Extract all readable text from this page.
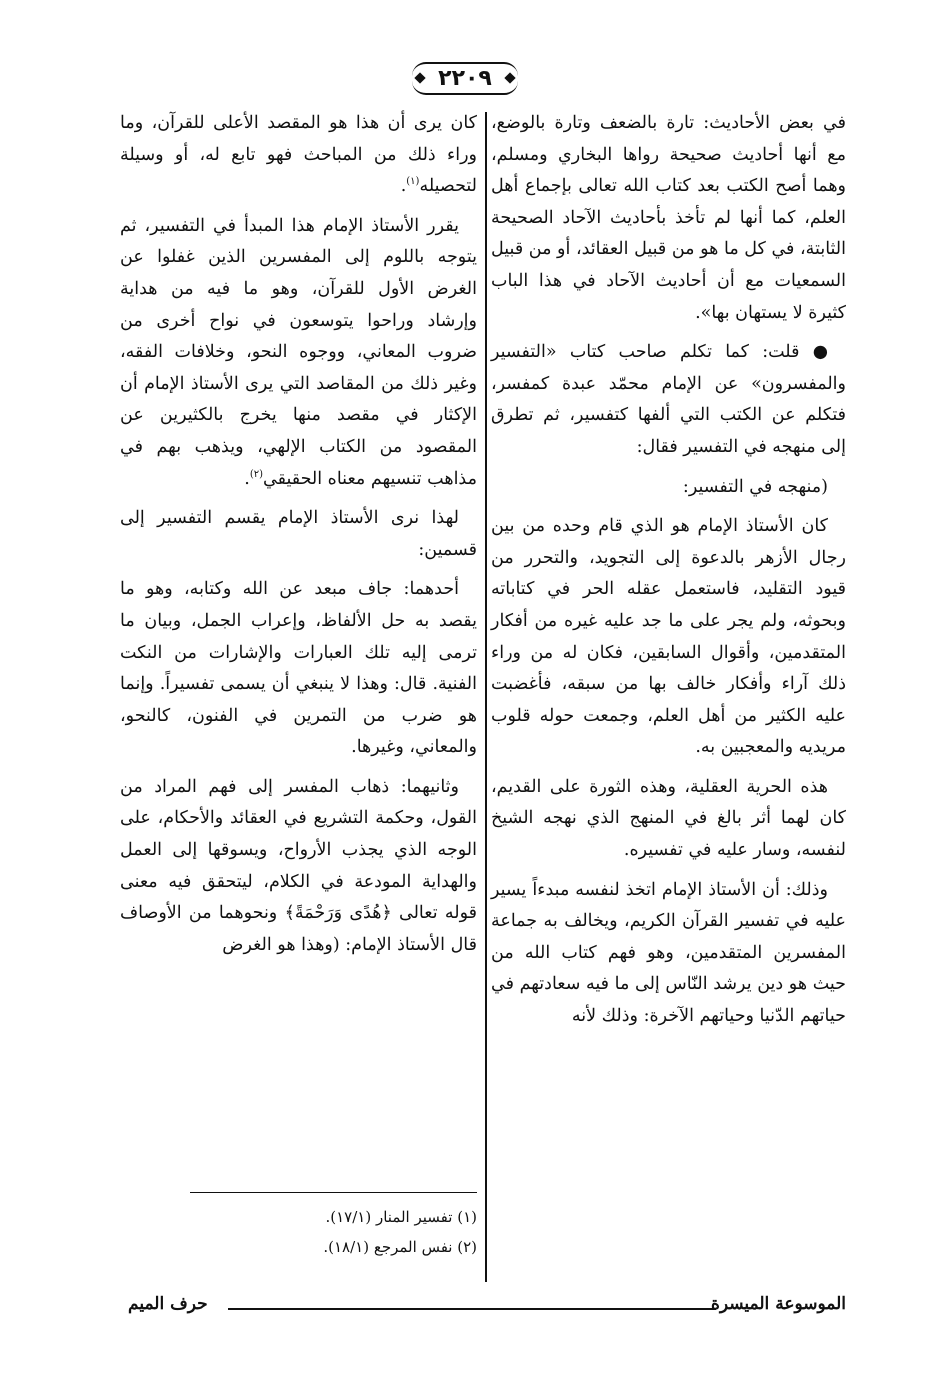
٢٢٠٩

في بعض الأحاديث: تارة بالضعف وتارة بالوضع، مع أنها أحاديث صحيحة رواها البخاري ومسلم، وهما أصح الكتب بعد كتاب الله تعالى بإجماع أهل العلم، كما أنها لم تأخذ بأحاديث الآحاد الصحيحة الثابتة، في كل ما هو من قبيل العقائد، أو من قبيل السمعيات مع أن أحاديث الآحاد في هذا الباب كثيرة لا يستهان بها».

● قلت: كما تكلم صاحب كتاب «التفسير والمفسرون» عن الإمام محمّد عبدة كمفسر، فتكلم عن الكتب التي ألفها كتفسير، ثم تطرق إلى منهجه في التفسير فقال:

(منهجه في التفسير:

كان الأستاذ الإمام هو الذي قام وحده من بين رجال الأزهر بالدعوة إلى التجويد، والتحرر من قيود التقليد، فاستعمل عقله الحر في كتاباته وبحوثه، ولم يجر على ما جد عليه غيره من أفكار المتقدمين، وأقوال السابقين، فكان له من وراء ذلك آراء وأفكار خالف بها من سبقه، فأغضبت عليه الكثير من أهل العلم، وجمعت حوله قلوب مريديه والمعجبين به.

هذه الحرية العقلية، وهذه الثورة على القديم، كان لهما أثر بالغ في المنهج الذي نهجه الشيخ لنفسه، وسار عليه في تفسيره.

وذلك: أن الأستاذ الإمام اتخذ لنفسه مبدءاً يسير عليه في تفسير القرآن الكريم، ويخالف به جماعة المفسرين المتقدمين، وهو فهم كتاب الله من حيث هو دين يرشد النّاس إلى ما فيه سعادتهم في حياتهم الدّنيا وحياتهم الآخرة: وذلك لأنه

كان يرى أن هذا هو المقصد الأعلى للقرآن، وما وراء ذلك من المباحث فهو تابع له، أو وسيلة لتحصيله$^{(١)}$.

يقرر الأستاذ الإمام هذا المبدأ في التفسير، ثم يتوجه باللوم إلى المفسرين الذين غفلوا عن الغرض الأول للقرآن، وهو ما فيه من هداية وإرشاد وراحوا يتوسعون في نواح أخرى من ضروب المعاني، ووجوه النحو، وخلافات الفقه، وغير ذلك من المقاصد التي يرى الأستاذ الإمام أن الإكثار في مقصد منها يخرج بالكثيرين عن المقصود من الكتاب الإلهي، ويذهب بهم في مذاهب تنسيهم معناه الحقيقي$^{(٢)}$.

لهذا نرى الأستاذ الإمام يقسم التفسير إلى قسمين:

أحدهما: جاف مبعد عن الله وكتابه، وهو ما يقصد به حل الألفاظ، وإعراب الجمل، وبيان ما ترمى إليه تلك العبارات والإشارات من النكت الفنية. قال: وهذا لا ينبغي أن يسمى تفسيراً. وإنما هو ضرب من التمرين في الفنون، كالنحو، والمعاني، وغيرها.

وثانيهما: ذهاب المفسر إلى فهم المراد من القول، وحكمة التشريع في العقائد والأحكام، على الوجه الذي يجذب الأرواح، ويسوقها إلى العمل والهداية المودعة في الكلام، ليتحقق فيه معنى قوله تعالى ﴿هُدًى وَرَحْمَةً﴾ ونحوهما من الأوصاف قال الأستاذ الإمام: (وهذا هو الغرض

(١) تفسير المنار (١٧/١).
(٢) نفس المرجع (١٨/١).
الموسوعة الميسرة
حرف الميم
